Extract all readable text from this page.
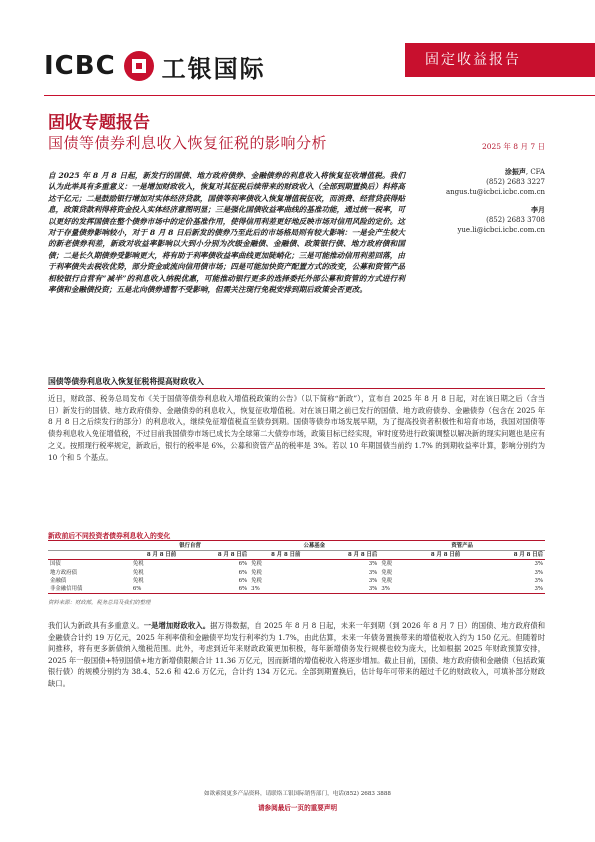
ICBC 工银国际	固定收益报告
固收专题报告
国债等债券利息收入恢复征税的影响分析	2025 年 8 月 7 日
自 2025 年 8 月 8 日起，新发行的国债、地方政府债券、金融债券的利息收入将恢复征收增值税。我们认为此举具有多重意义：一是增加财政收入，恢复对其征税后续带来的财政收入（全部到期置换后）料将高达千亿元；二是鼓励银行增加对实体经济贷款，国债等利率债收入恢复增值税征收，而消费、经营贷获得贴息，政策贷款利得将资金投入实体经济意图明显；三是强化国债收益率曲线的基准功能，通过统一税率，可以更好的发挥国债在整个债券市场中的定价基准作用，使得信用利差更好地反映市场对信用风险的定价。这对于存量债券影响较小，对于 8 月 8 日后新发的债券乃至此后的市场格局则有较大影响：一是会产生较大的新老债券利差，新政对收益率影响以大到小分别为次级金融债、金融债、政策银行债、地方政府债和国债；二是长久期债券受影响更大，将有助于利率债收益率曲线更加陡峭化；三是可能推动信用利差回落，由于利率债失去税收优势，部分资金或流向信用债市场；四是可能加快资产配置方式的改变，公募和资管产品相较银行自营有“减半”的利息收入纳税优惠，可能推动银行更多的选择委托外部公募和资管的方式进行利率债和金融债投资；五是北向债券通暂不受影响，但需关注现行免税安排到期后政策会否更改。
涂振声, CFA
(852) 2683 3227
angus.tu@icbci.icbc.com.cn
李月
(852) 2683 3708
yue.li@icbci.icbc.com.cn
国债等债券利息收入恢复征税将提高财政收入
近日，财政部、税务总局发布《关于国债等债券利息收入增值税政策的公告》（以下简称“新政”），宣布自 2025 年 8 月 8 日起，对在该日期之后（含当日）新发行的国债、地方政府债券、金融债券的利息收入，恢复征收增值税。对在该日期之前已发行的国债、地方政府债券、金融债券（包含在 2025 年 8 月 8 日之后续发行的部分）的利息收入，继续免征增值税直至债券到期。国债等债券市场发展早期，为了提高投资者积极性和培育市场，我国对国债等债券利息收入免征增值税，不过目前我国债券市场已成长为全球第二大债券市场，政策目标已经实现，审时度势进行政策调整以解决新的现实问题也是应有之义。按照现行税率规定，新政后，银行的税率是 6%，公募和资管产品的税率是 3%。若以 10 年期国债当前约 1.7% 的到期收益率计算，影响分别约为 10 个和 5 个基点。
新政前后不同投资者债券利息收入的变化
	银行自营		公募基金		资管产品	
	8 月 8 日前	8 月 8 日后	8 月 8 日前	8 月 8 日后	8 月 8 日前	8 月 8 日后
国债	免税	6%	免税	3%	免税	3%
地方政府债	免税	6%	免税	3%	免税	3%
金融债	免税	6%	免税	3%	免税	3%
非金融信用债	6%	6%	3%	3%	3%	3%
资料来源：财政部，税务总局及我们的整理
我们认为新政具有多重意义。一是增加财政收入。据万得数据，自 2025 年 8 月 8 日起，未来一年到期（到 2026 年 8 月 7 日）的国债、地方政府债和金融债合计约 19 万亿元，2025 年利率债和金融债平均发行利率约为 1.7%，由此估算，未来一年债务置换带来的增值税收入约为 150 亿元。但随着时间推移，将有更多新债纳入缴税范围。此外，考虑到近年来财政政策更加积极，每年新增债务发行规模也较为庞大，比如根据 2025 年财政预算安排，2025 年一般国债+特别国债+地方新增债限额合计 11.36 万亿元，因而新增的增值税收入将逐步增加。截止目前，国债、地方政府债和金融债（包括政策银行债）的规模分别约为 38.4、52.6 和 42.6 万亿元，合计约 134 万亿元。全部到期置换后，估计每年可带来的超过千亿的财政收入，可填补部分财政缺口。
如欲索阅更多产品资料，请联络工银国际销售部门，电话(852) 2683 3888
请参阅最后一页的重要声明
